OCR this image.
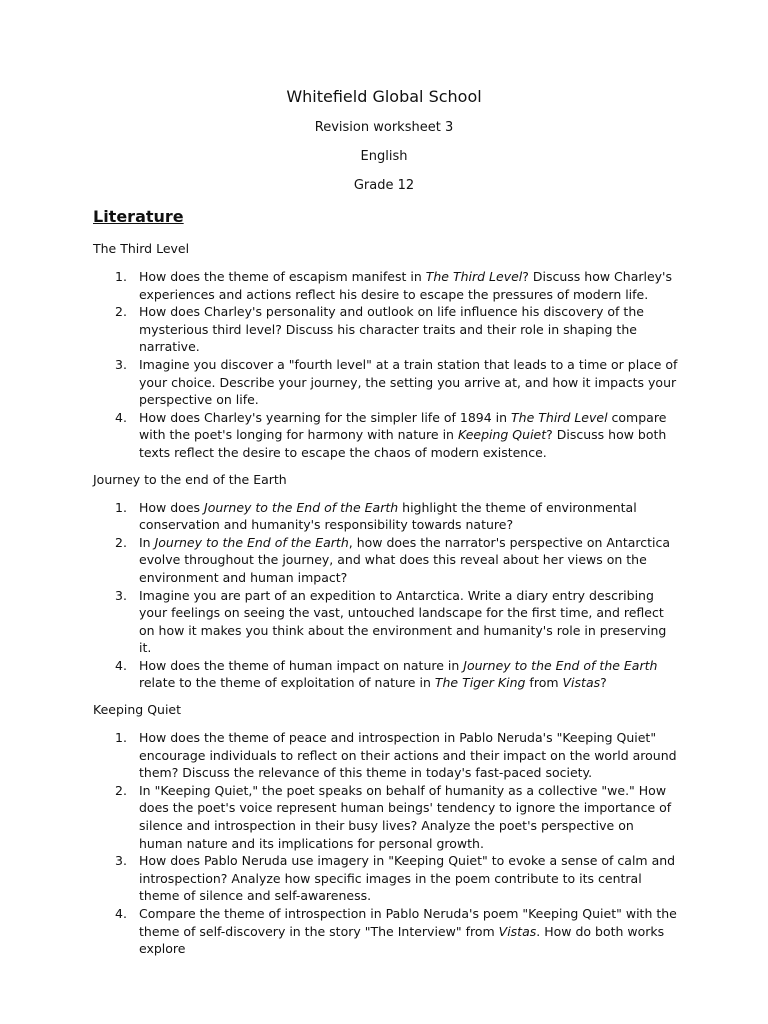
Whitefield Global School
Revision worksheet 3
English
Grade 12
Literature
The Third Level
1. How does the theme of escapism manifest in The Third Level? Discuss how Charley's experiences and actions reflect his desire to escape the pressures of modern life.
2. How does Charley's personality and outlook on life influence his discovery of the mysterious third level? Discuss his character traits and their role in shaping the narrative.
3. Imagine you discover a "fourth level" at a train station that leads to a time or place of your choice. Describe your journey, the setting you arrive at, and how it impacts your perspective on life.
4. How does Charley's yearning for the simpler life of 1894 in The Third Level compare with the poet's longing for harmony with nature in Keeping Quiet? Discuss how both texts reflect the desire to escape the chaos of modern existence.
Journey to the end of the Earth
1. How does Journey to the End of the Earth highlight the theme of environmental conservation and humanity's responsibility towards nature?
2. In Journey to the End of the Earth, how does the narrator's perspective on Antarctica evolve throughout the journey, and what does this reveal about her views on the environment and human impact?
3. Imagine you are part of an expedition to Antarctica. Write a diary entry describing your feelings on seeing the vast, untouched landscape for the first time, and reflect on how it makes you think about the environment and humanity's role in preserving it.
4. How does the theme of human impact on nature in Journey to the End of the Earth relate to the theme of exploitation of nature in The Tiger King from Vistas?
Keeping Quiet
1. How does the theme of peace and introspection in Pablo Neruda's "Keeping Quiet" encourage individuals to reflect on their actions and their impact on the world around them? Discuss the relevance of this theme in today's fast-paced society.
2. In "Keeping Quiet," the poet speaks on behalf of humanity as a collective "we." How does the poet's voice represent human beings' tendency to ignore the importance of silence and introspection in their busy lives? Analyze the poet's perspective on human nature and its implications for personal growth.
3. How does Pablo Neruda use imagery in "Keeping Quiet" to evoke a sense of calm and introspection? Analyze how specific images in the poem contribute to its central theme of silence and self-awareness.
4. Compare the theme of introspection in Pablo Neruda's poem "Keeping Quiet" with the theme of self-discovery in the story "The Interview" from Vistas. How do both works explore
